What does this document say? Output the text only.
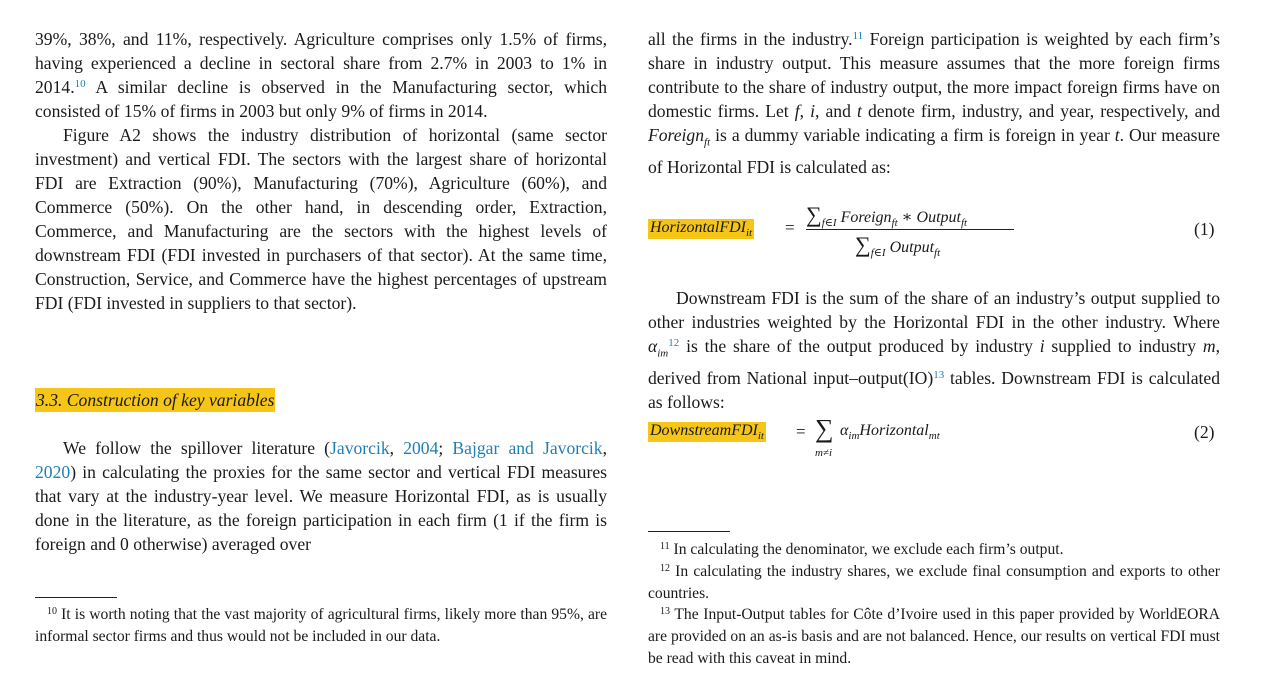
39%, 38%, and 11%, respectively. Agriculture comprises only 1.5% of firms, having experienced a decline in sectoral share from 2.7% in 2003 to 1% in 2014.10 A similar decline is observed in the Manufacturing sector, which consisted of 15% of firms in 2003 but only 9% of firms in 2014.

Figure A2 shows the industry distribution of horizontal (same sector investment) and vertical FDI. The sectors with the largest share of horizontal FDI are Extraction (90%), Manufacturing (70%), Agriculture (60%), and Commerce (50%). On the other hand, in descending order, Extraction, Commerce, and Manufacturing are the sectors with the highest levels of downstream FDI (FDI invested in purchasers of that sector). At the same time, Construction, Service, and Commerce have the highest percentages of upstream FDI (FDI invested in suppliers to that sector).

3.3. Construction of key variables

We follow the spillover literature (Javorcik, 2004; Bajgar and Javorcik, 2020) in calculating the proxies for the same sector and vertical FDI measures that vary at the industry-year level. We measure Horizontal FDI, as is usually done in the literature, as the foreign participation in each firm (1 if the firm is foreign and 0 otherwise) averaged over

$^{10}$ It is worth noting that the vast majority of agricultural firms, likely more than 95%, are informal sector firms and thus would not be included in our data.

all the firms in the industry.$^{11}$ Foreign participation is weighted by each firm’s share in industry output. This measure assumes that the more foreign firms contribute to the share of industry output, the more impact foreign firms have on domestic firms. Let f, i, and t denote firm, industry, and year, respectively, and Foreign$_{ft}$ is a dummy variable indicating a firm is foreign in year t. Our measure of Horizontal FDI is calculated as:

HorizontalFDI$_{it}$ =
$\sum_{f\in I}$ Foreign$_{ft}$ ∗ Output$_{ft}$
$\sum_{f\in I}$ Output$_{ft}$
(1)

Downstream FDI is the sum of the share of an industry’s output supplied to other industries weighted by the Horizontal FDI in the other industry. Where $\alpha_{im}^{12}$ is the share of the output produced by industry i supplied to industry m, derived from National input–output(IO)$^{13}$ tables. Downstream FDI is calculated as follows:

DownstreamFDI$_{it}$ = ∑
m≠i
$\alpha_{im}Horizontal_{mt}$	(2)

$^{11}$ In calculating the denominator, we exclude each firm’s output.

$^{12}$ In calculating the industry shares, we exclude final consumption and exports to other countries.

$^{13}$ The Input-Output tables for Côte d’Ivoire used in this paper provided by WorldEORA are provided on an as-is basis and are not balanced. Hence, our results on vertical FDI must be read with this caveat in mind.
